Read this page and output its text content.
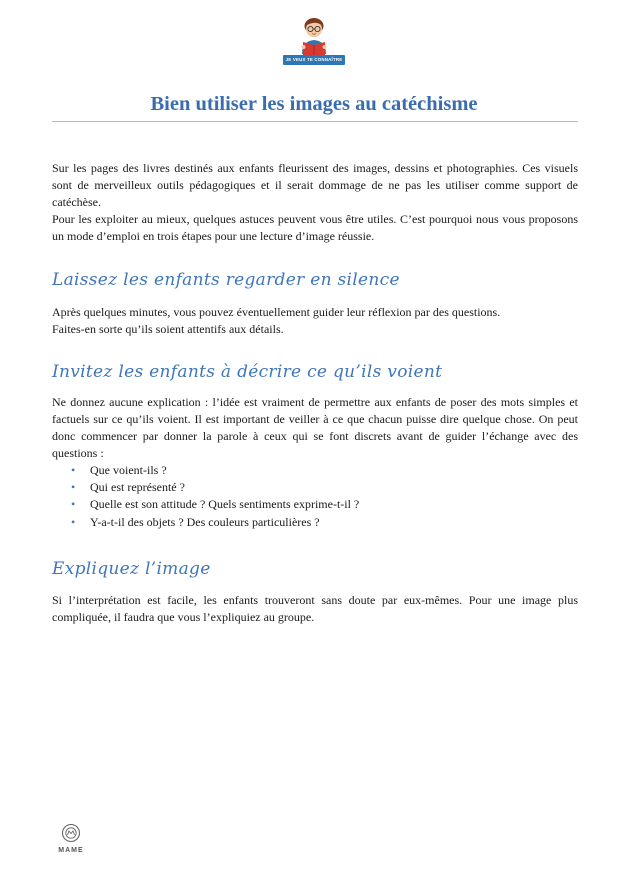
JE VEUX TE CONNAÎTRE
Bien utiliser les images au catéchisme

Sur les pages des livres destinés aux enfants fleurissent des images, dessins et photographies. Ces visuels sont de merveilleux outils pédagogiques et il serait dommage de ne pas les utiliser comme support de catéchèse.

Pour les exploiter au mieux, quelques astuces peuvent vous être utiles. C’est pourquoi nous vous proposons un mode d’emploi en trois étapes pour une lecture d’image réussie.

Laissez les enfants regarder en silence

Après quelques minutes, vous pouvez éventuellement guider leur réflexion par des questions.

Faites-en sorte qu’ils soient attentifs aux détails.

Invitez les enfants à décrire ce qu’ils voient

Ne donnez aucune explication : l’idée est vraiment de permettre aux enfants de poser des mots simples et factuels sur ce qu’ils voient. Il est important de veiller à ce que chacun puisse dire quelque chose. On peut donc commencer par donner la parole à ceux qui se font discrets avant de guider l’échange avec des questions :

• Que voient-ils ?
• Qui est représenté ?
• Quelle est son attitude ? Quels sentiments exprime-t-il ?
• Y-a-t-il des objets ? Des couleurs particulières ?
Expliquez l’image

Si l’interprétation est facile, les enfants trouveront sans doute par eux-mêmes. Pour une image plus compliquée, il faudra que vous l’expliquiez au groupe.

MAME
